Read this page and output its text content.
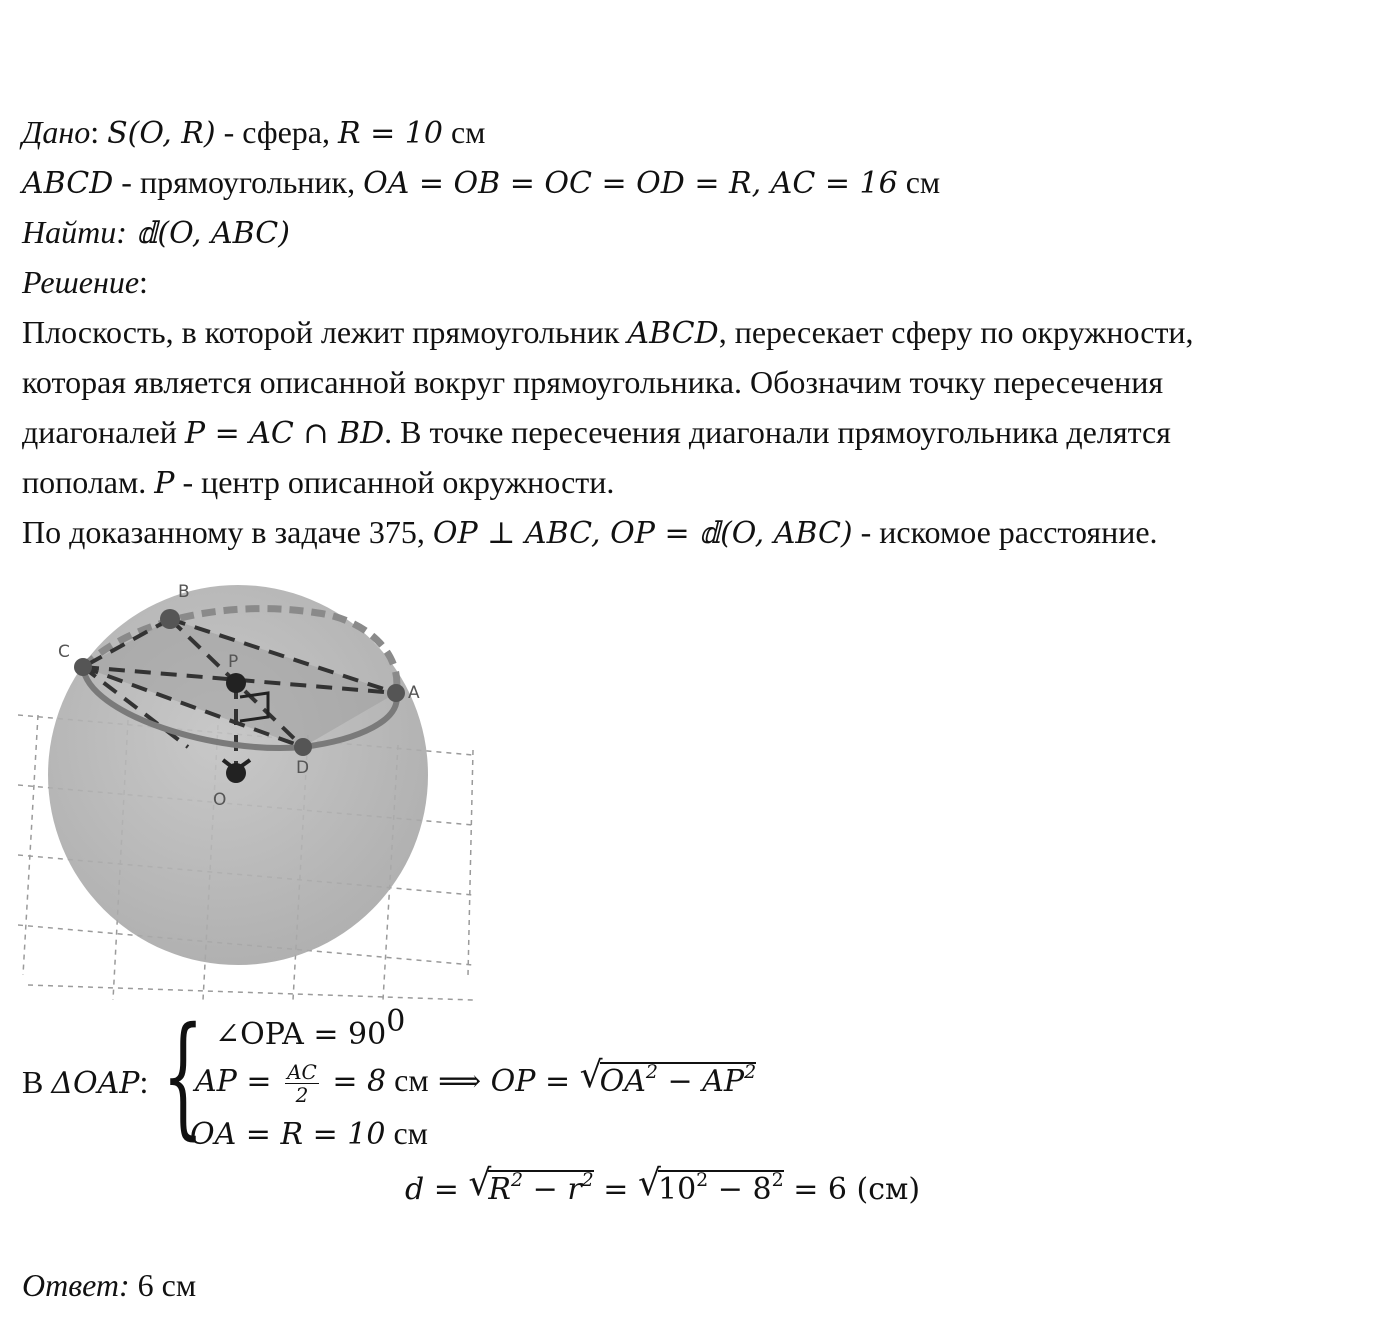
Дано: S(O, R) - сфера, R = 10 см
ABCD - прямоугольник, OA = OB = OC = OD = R, AC = 16 см
Найти: 𝕕(O, ABC)
Решение:
Плоскость, в которой лежит прямоугольник ABCD, пересекает сферу по окружности,
которая является описанной вокруг прямоугольника. Обозначим точку пересечения
диагоналей P = AC ∩ BD. В точке пересечения диагонали прямоугольника делятся
пополам. P - центр описанной окружности.
По доказанному в задаче 375, OP ⊥ ABC, OP = 𝕕(O, ABC) - искомое расстояние.
B
C	P
A
D
O
В ΔOAP: { ∠OPA = $90^0$
AP = $\frac{AC}{2} = 8$ см ⟹ OP = √
$OA^2 - AP^2$
OA = R = 10 см
d = √
$R^2 - r^2$ = √
$10^2 - 8^2 = 6$ (см)
Ответ: 6 см
